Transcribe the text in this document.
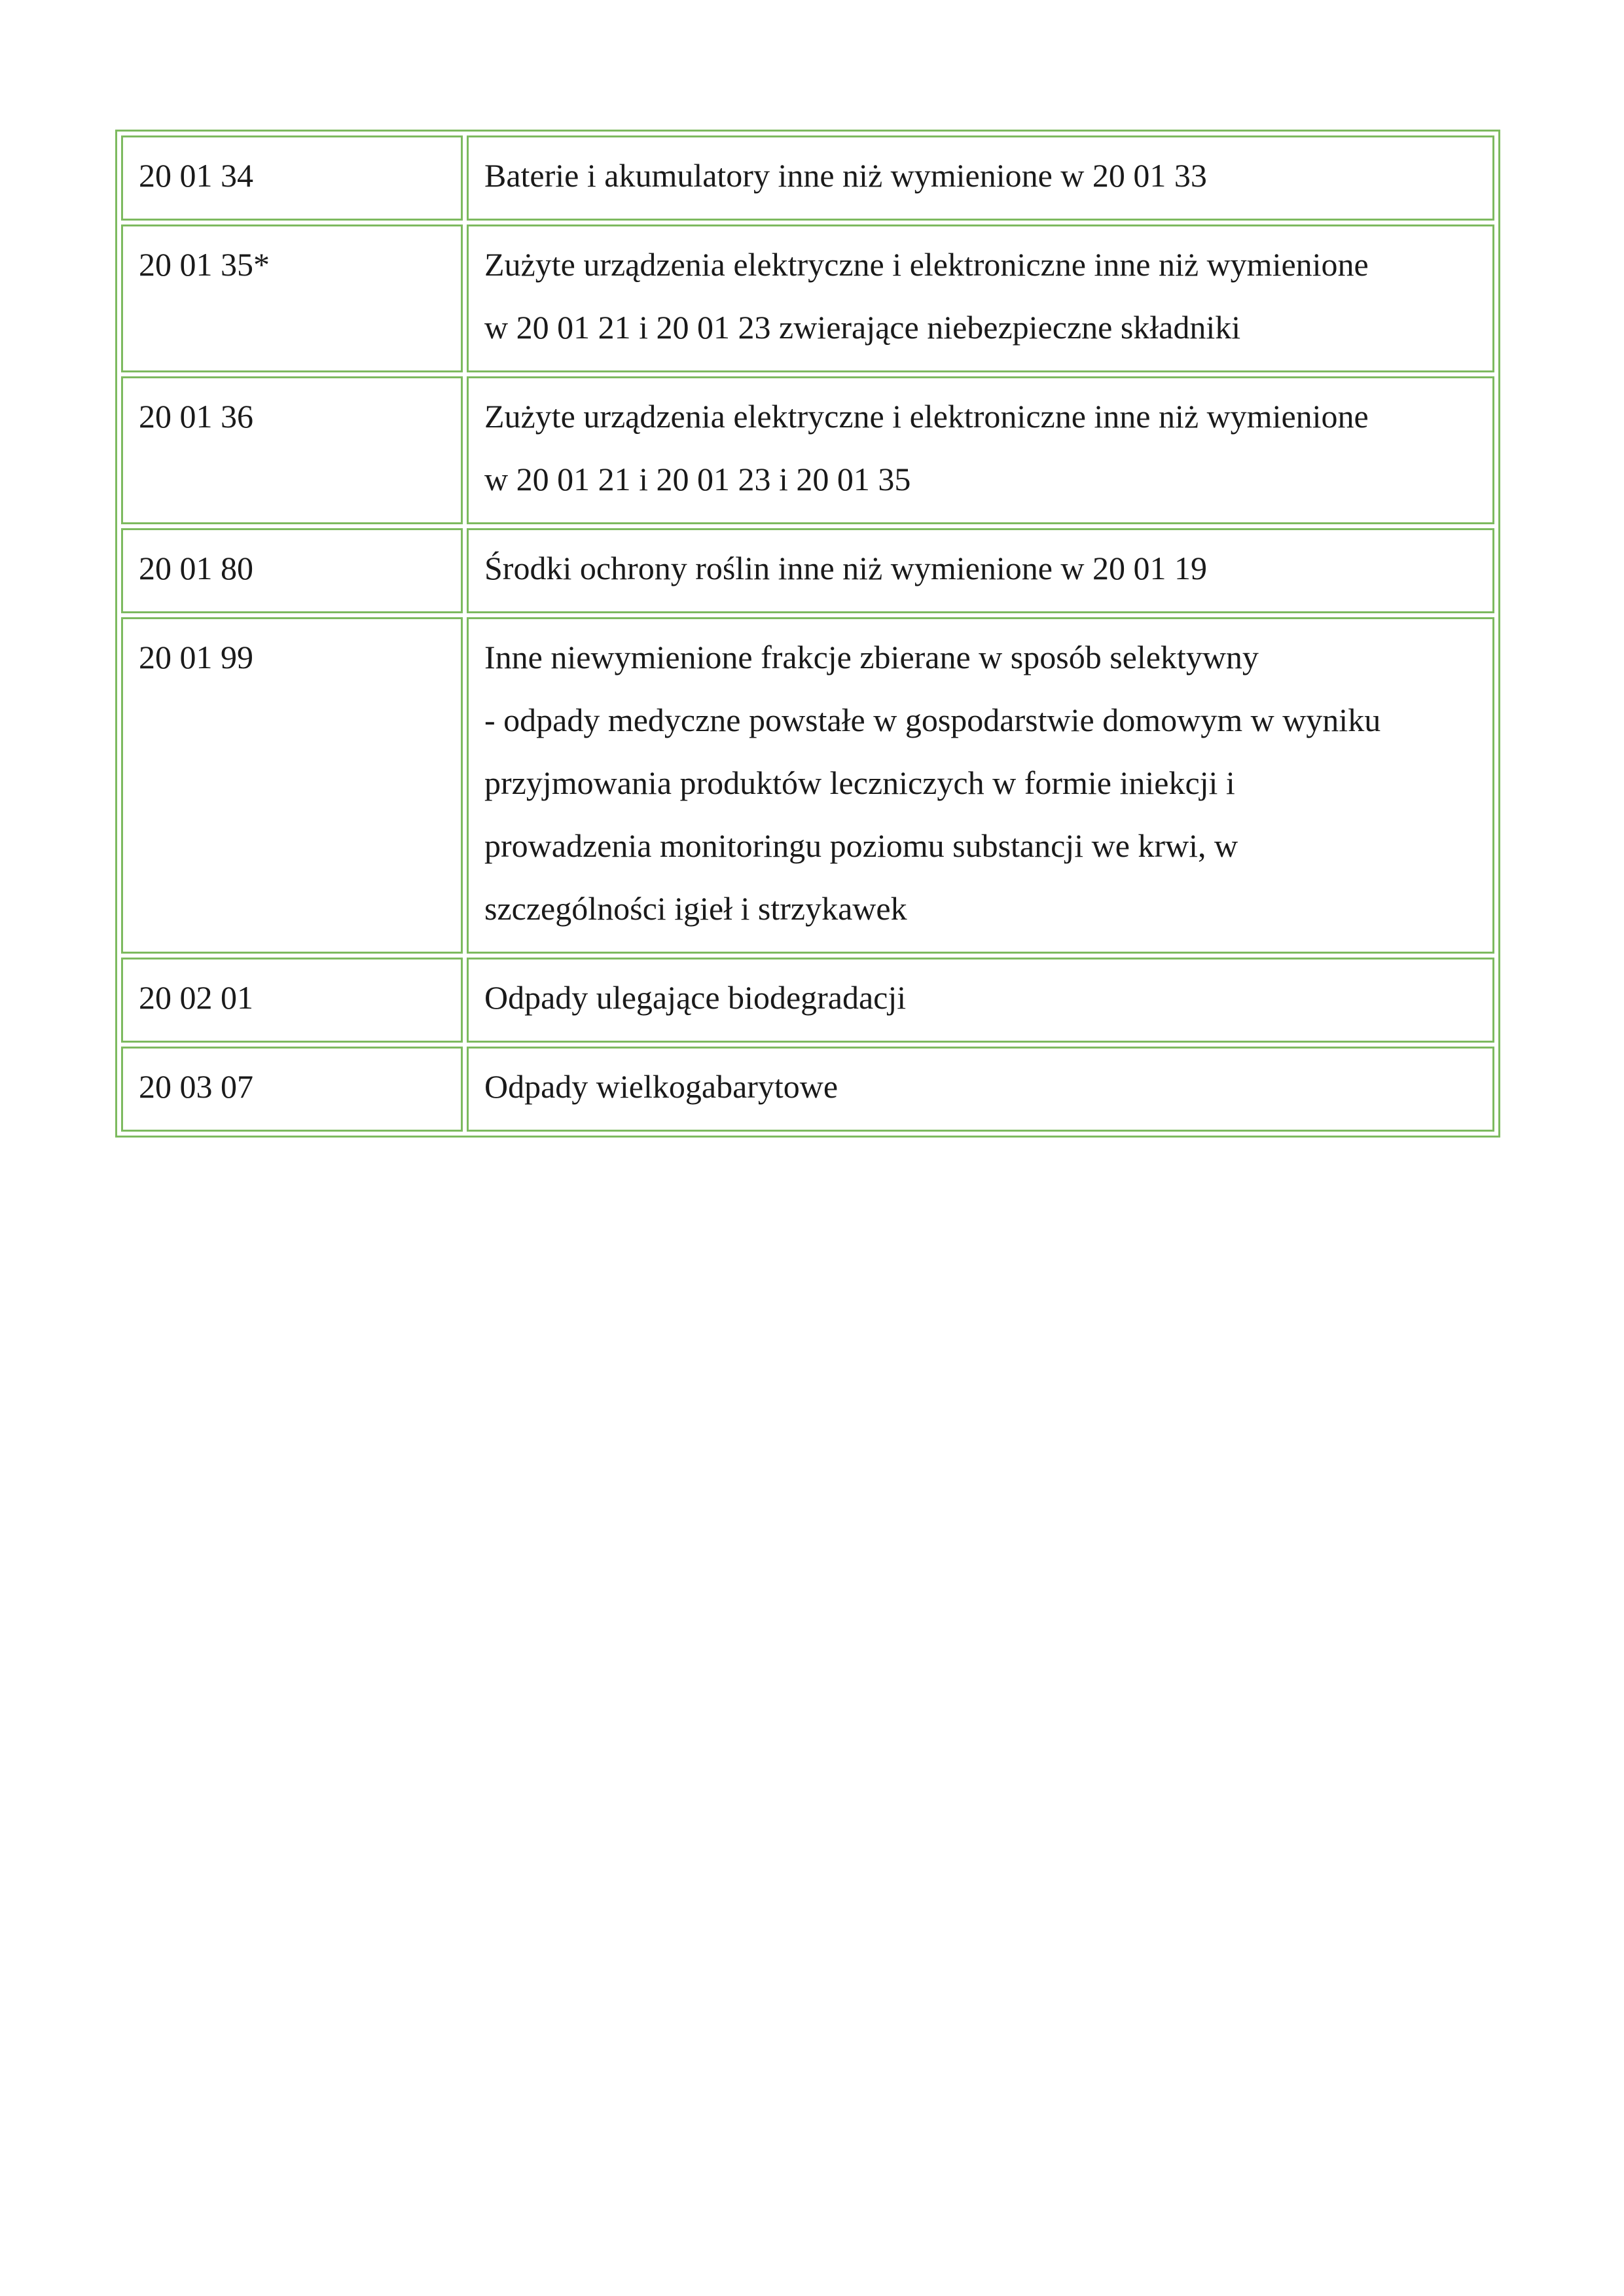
20 01 34	Baterie i akumulatory inne niż wymienione w 20 01 33

20 01 35*	Zużyte urządzenia elektryczne i elektroniczne inne niż wymienione
w 20 01 21 i 20 01 23 zwierające niebezpieczne składniki

20 01 36	Zużyte urządzenia elektryczne i elektroniczne inne niż wymienione
w 20 01 21 i 20 01 23 i 20 01 35

20 01 80	Środki ochrony roślin inne niż wymienione w 20 01 19

20 01 99	Inne niewymienione frakcje zbierane w sposób selektywny
- odpady medyczne powstałe w gospodarstwie domowym w wyniku
przyjmowania produktów leczniczych w formie iniekcji i
prowadzenia monitoringu poziomu substancji we krwi, w
szczególności igieł i strzykawek

20 02 01	Odpady ulegające biodegradacji

20 03 07	Odpady wielkogabarytowe
